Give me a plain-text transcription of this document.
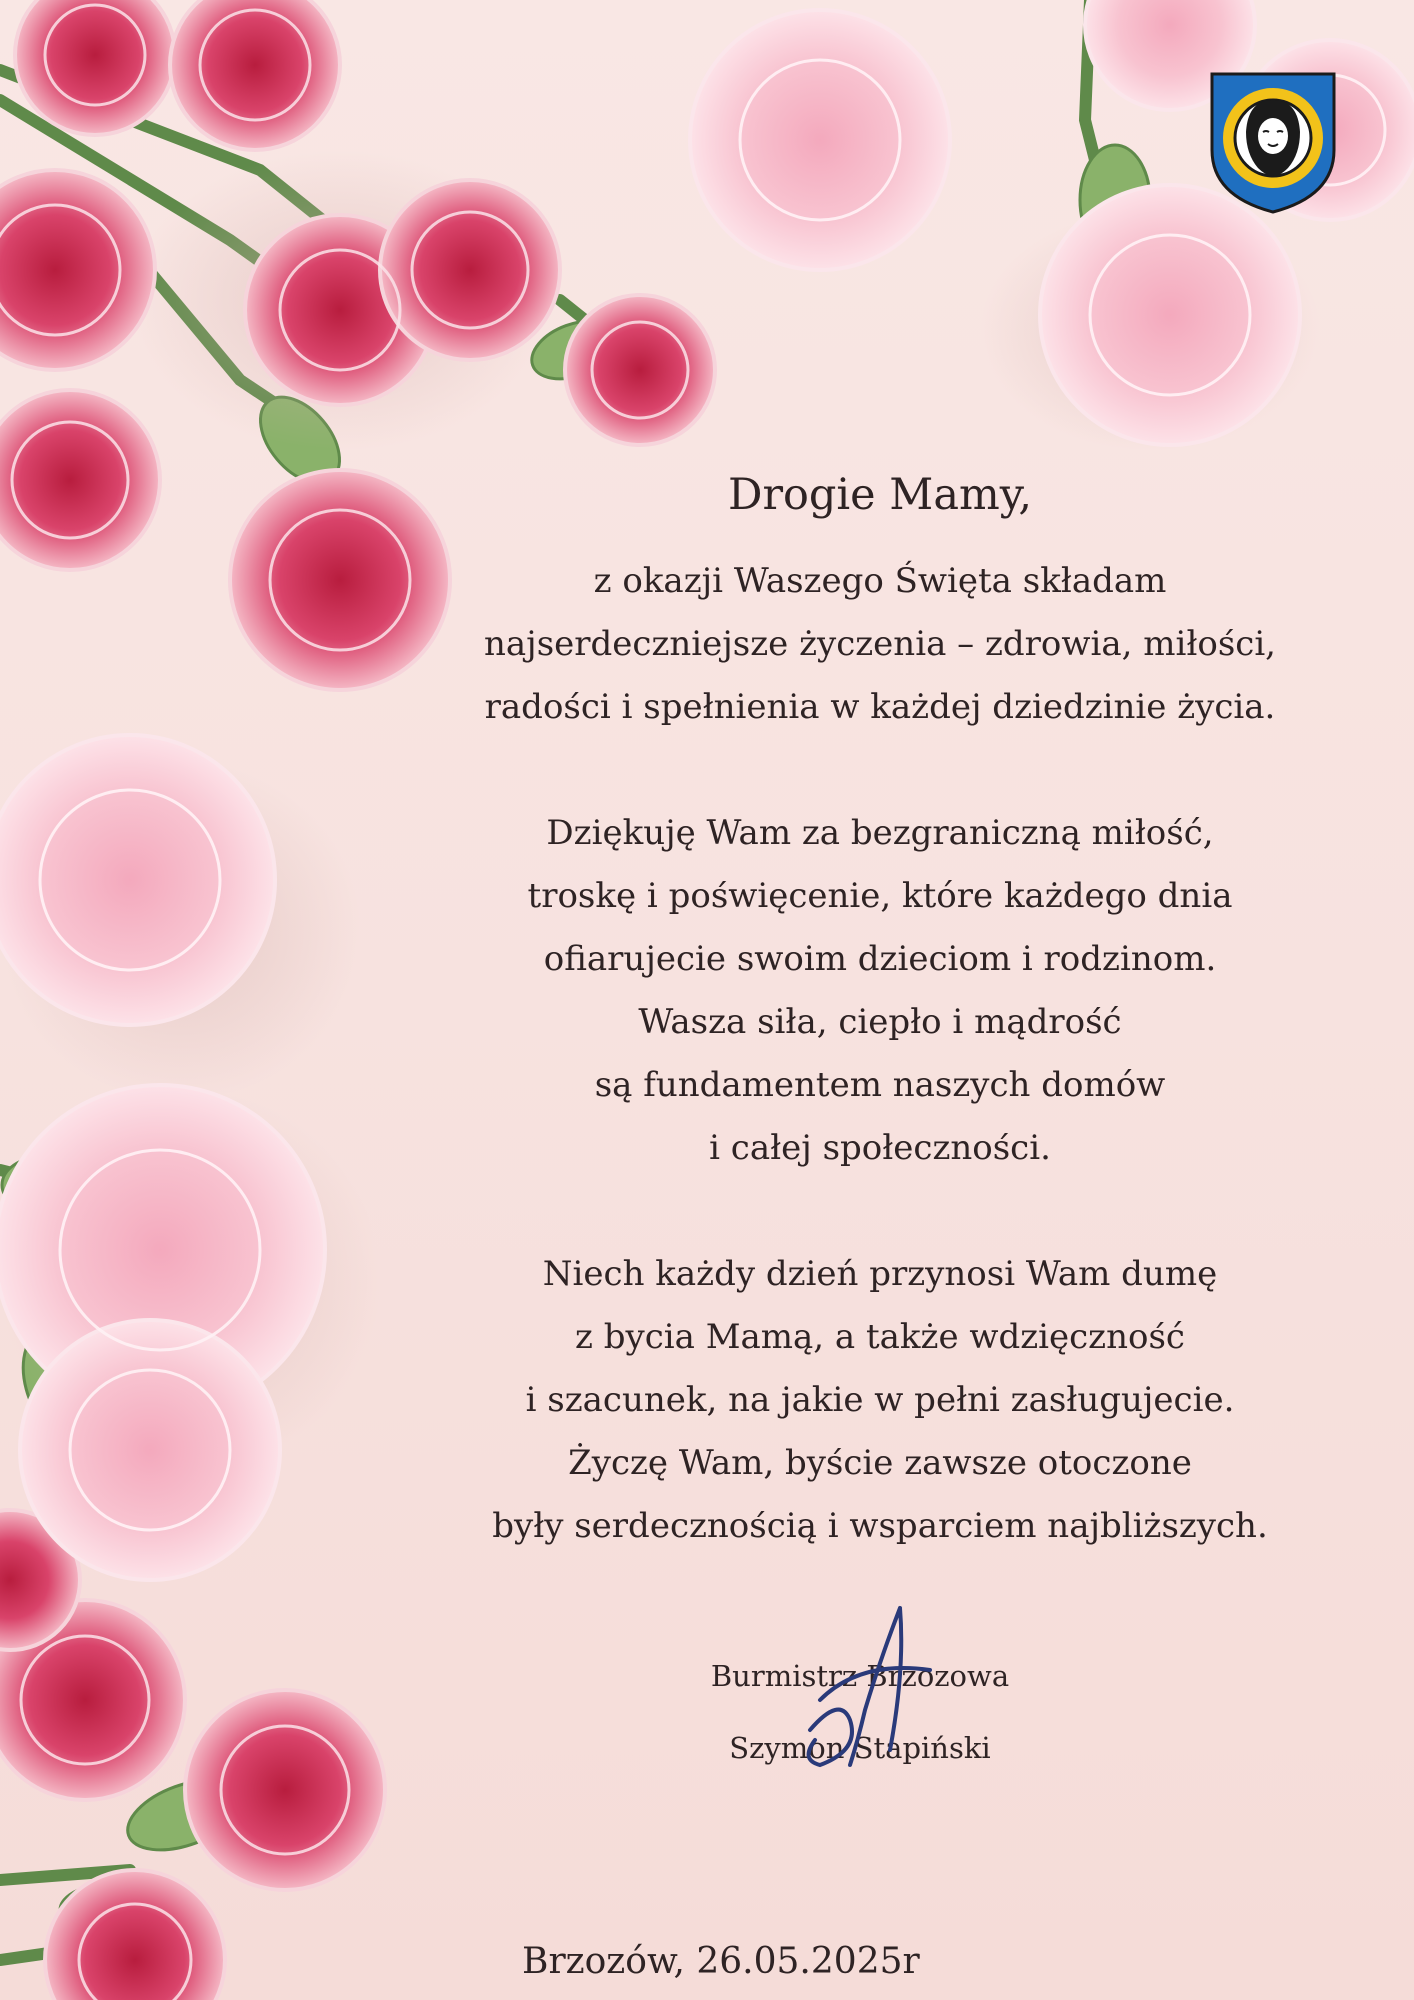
Drogie Mamy,

z okazji Waszego Święta składam

najserdeczniejsze życzenia – zdrowia, miłości,

radości i spełnienia w każdej dziedzinie życia.

Dziękuję Wam za bezgraniczną miłość,

troskę i poświęcenie, które każdego dnia

ofiarujecie swoim dzieciom i rodzinom.

Wasza siła, ciepło i mądrość

są fundamentem naszych domów

i całej społeczności.

Niech każdy dzień przynosi Wam dumę

z bycia Mamą, a także wdzięczność

i szacunek, na jakie w pełni zasługujecie.

Życzę Wam, byście zawsze otoczone

były serdecznością i wsparciem najbliższych.

Burmistrz Brzozowa
Szymon Stapiński
Brzozów, 26.05.2025r
